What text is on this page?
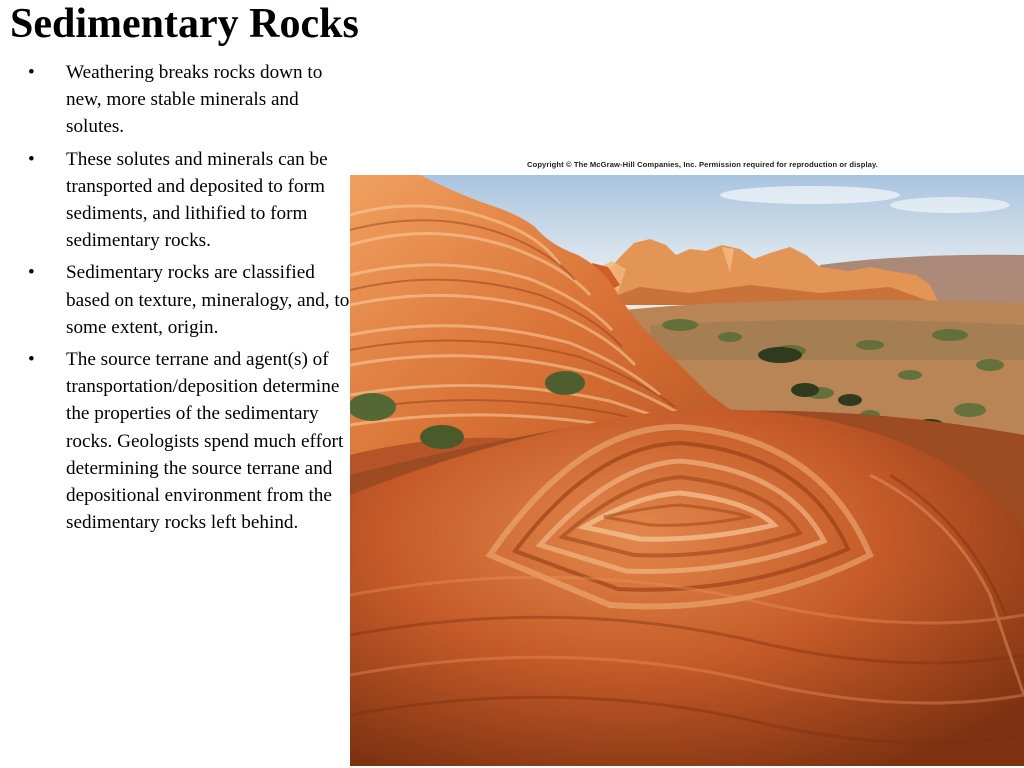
Sedimentary Rocks
• Weathering breaks rocks down to new, more stable minerals and solutes.
• These solutes and minerals can be transported and deposited to form sediments, and lithified to form sedimentary rocks.
• Sedimentary rocks are classified based on texture, mineralogy, and, to some extent, origin.
• The source terrane and agent(s) of transportation/deposition determine the properties of the sedimentary rocks. Geologists spend much effort determining the source terrane and depositional environment from the sedimentary rocks left behind.
Copyright © The McGraw-Hill Companies, Inc. Permission required for reproduction or display.
